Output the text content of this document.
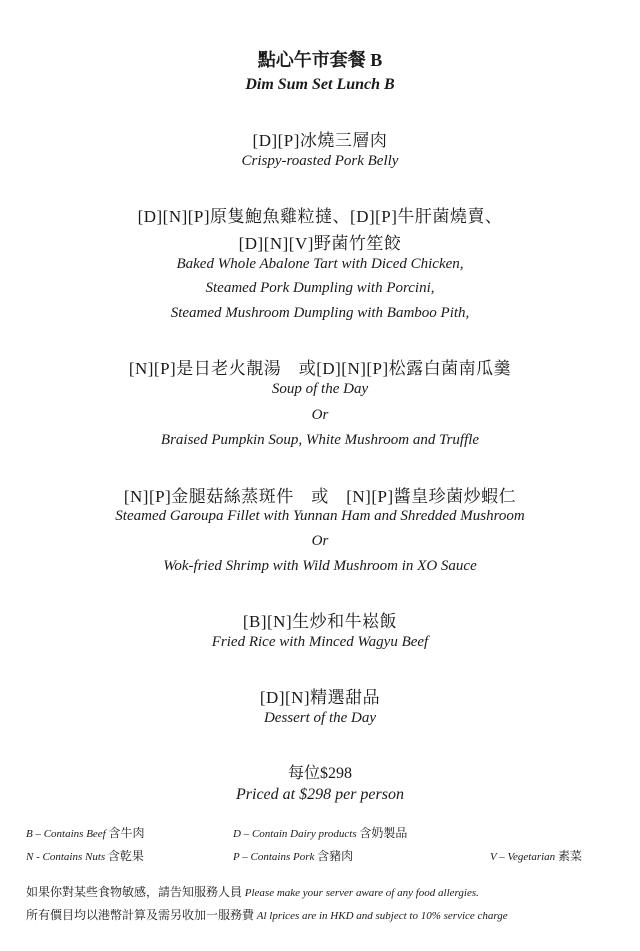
點心午市套餐 B
Dim Sum Set Lunch B
[D][P]冰燒三層肉
Crispy-roasted Pork Belly
[D][N][P]原隻鮑魚雞粒撻、[D][P]牛肝菌燒賣、
[D][N][V]野菌竹笙餃
Baked Whole Abalone Tart with Diced Chicken,
Steamed Pork Dumpling with Porcini,
Steamed Mushroom Dumpling with Bamboo Pith,
[N][P]是日老火靚湯　或[D][N][P]松露白菌南瓜羹
Soup of the Day
Or
Braised Pumpkin Soup, White Mushroom and Truffle
[N][P]金腿菇絲蒸斑件　或　[N][P]醬皇珍菌炒蝦仁
Steamed Garoupa Fillet with Yunnan Ham and Shredded Mushroom
Or
Wok-fried Shrimp with Wild Mushroom in XO Sauce
[B][N]生炒和牛崧飯
Fried Rice with Minced Wagyu Beef
[D][N]精選甜品
Dessert of the Day
每位$298
Priced at $298 per person
B – Contains Beef 含牛肉	D – Contain Dairy products 含奶製品
N - Contains Nuts 含乾果	P – Contains Pork 含豬肉	V – Vegetarian 素菜
如果你對某些食物敏感，請告知服務人員 Please make your server aware of any food allergies.
所有價目均以港幣計算及需另收加一服務費 Al lprices are in HKD and subject to 10% service charge
